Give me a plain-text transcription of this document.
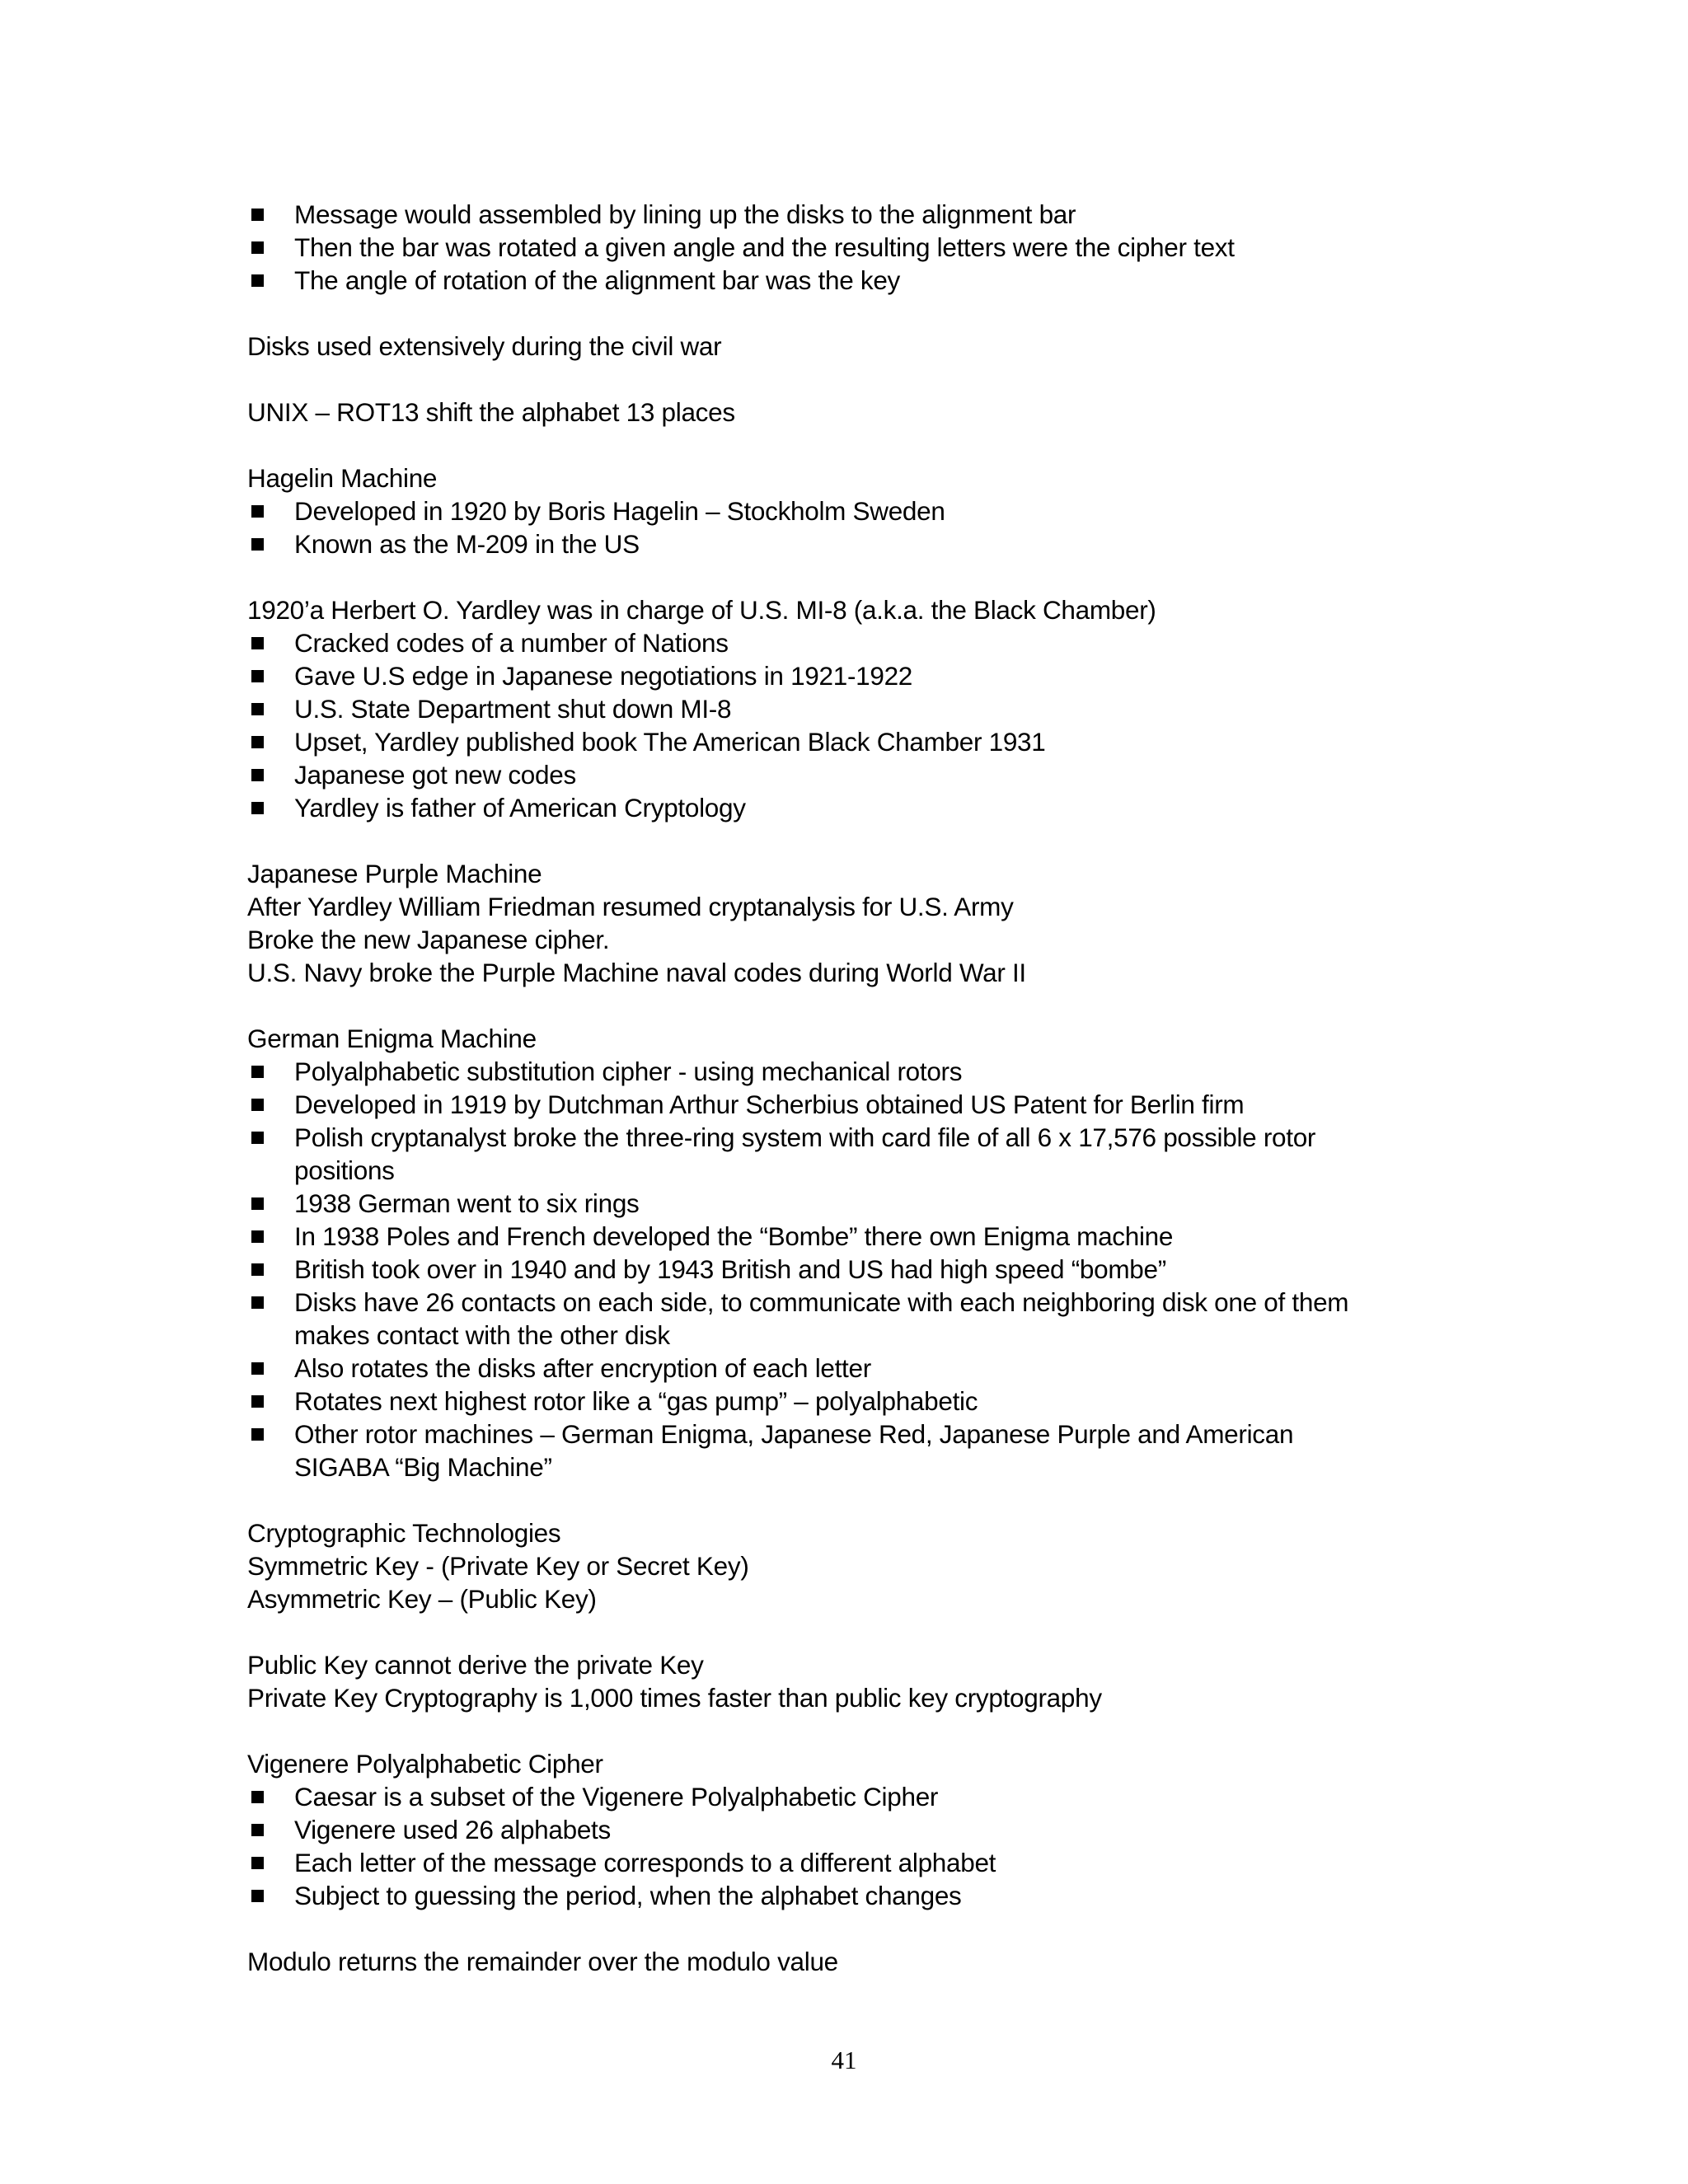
Message would assembled by lining up the disks to the alignment bar
Then the bar was rotated a given angle and the resulting letters were the cipher text
The angle of rotation of the alignment bar was the key
Disks used extensively during the civil war
UNIX – ROT13 shift the alphabet 13 places
Hagelin Machine
Developed in 1920 by Boris Hagelin – Stockholm Sweden
Known as the M-209 in the US
1920’a Herbert O. Yardley was in charge of U.S. MI-8 (a.k.a. the Black Chamber)
Cracked codes of a number of Nations
Gave U.S edge in Japanese negotiations in 1921-1922
U.S. State Department shut down MI-8
Upset, Yardley published book The American Black Chamber 1931
Japanese got new codes
Yardley is father of American Cryptology
Japanese Purple Machine
After Yardley William Friedman resumed cryptanalysis for U.S. Army
Broke the new Japanese cipher.
U.S. Navy broke the Purple Machine naval codes during World War II
German Enigma Machine
Polyalphabetic substitution cipher - using mechanical rotors
Developed in 1919 by Dutchman Arthur Scherbius obtained US Patent for Berlin firm
Polish cryptanalyst broke the three-ring system with card file of all 6 x 17,576 possible rotor
positions
1938 German went to six rings
In 1938 Poles and French developed the “Bombe” there own Enigma machine
British took over in 1940 and by 1943 British and US had high speed “bombe”
Disks have 26 contacts on each side, to communicate with each neighboring disk one of them
makes contact with the other disk
Also rotates the disks after encryption of each letter
Rotates next highest rotor like a “gas pump” – polyalphabetic
Other rotor machines – German Enigma, Japanese Red, Japanese Purple and American
SIGABA “Big Machine”
Cryptographic Technologies
Symmetric Key - (Private Key or Secret Key)
Asymmetric Key – (Public Key)
Public Key cannot derive the private Key
Private Key Cryptography is 1,000 times faster than public key cryptography
Vigenere Polyalphabetic Cipher
Caesar is a subset of the Vigenere Polyalphabetic Cipher
Vigenere used 26 alphabets
Each letter of the message corresponds to a different alphabet
Subject to guessing the period, when the alphabet changes
Modulo returns the remainder over the modulo value
41
